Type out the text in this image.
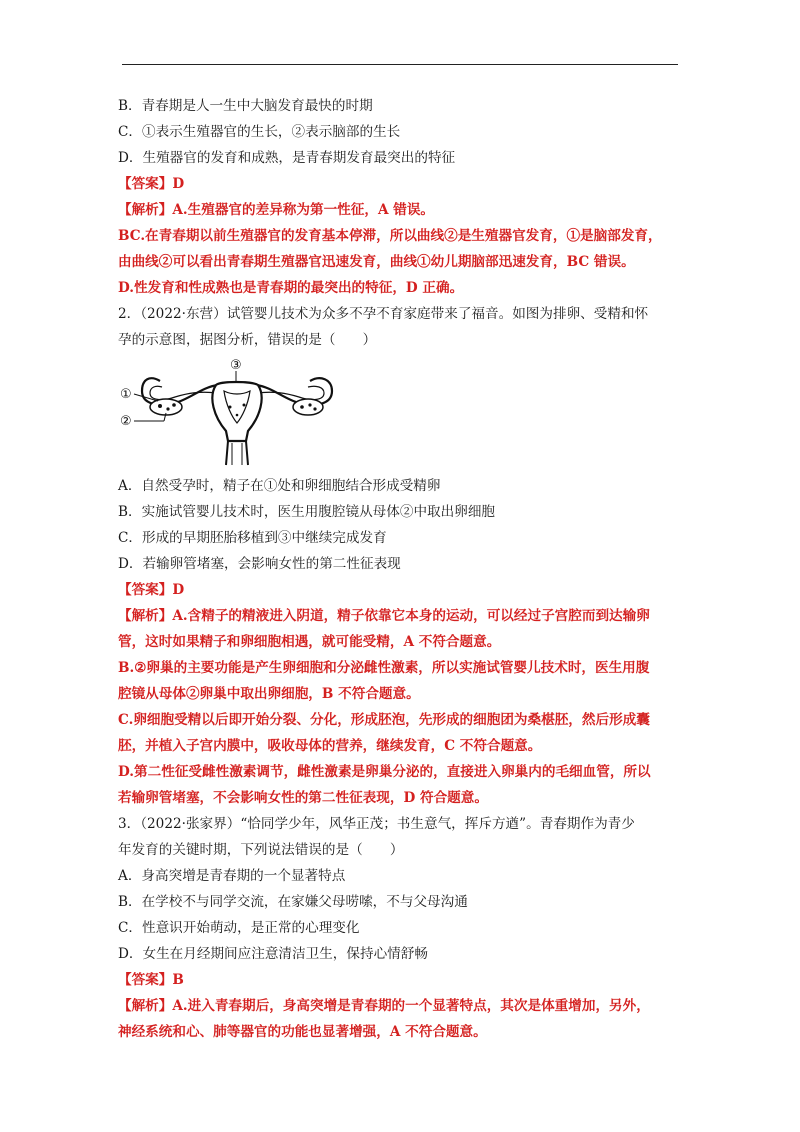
B．青春期是人一生中大脑发育最快的时期
C．①表示生殖器官的生长，②表示脑部的生长
D．生殖器官的发育和成熟，是青春期发育最突出的特征
【答案】D
【解析】A.生殖器官的差异称为第一性征，A 错误。
BC.在青春期以前生殖器官的发育基本停滞，所以曲线②是生殖器官发育，①是脑部发育，
由曲线②可以看出青春期生殖器官迅速发育，曲线①幼儿期脑部迅速发育，BC 错误。
D.性发育和性成熟也是青春期的最突出的特征，D 正确。
2．（2022·东营）试管婴儿技术为众多不孕不育家庭带来了福音。如图为排卵、受精和怀
孕的示意图，据图分析，错误的是（　　）
③
①
②
A．自然受孕时，精子在①处和卵细胞结合形成受精卵
B．实施试管婴儿技术时，医生用腹腔镜从母体②中取出卵细胞
C．形成的早期胚胎移植到③中继续完成发育
D．若输卵管堵塞，会影响女性的第二性征表现
【答案】D
【解析】A.含精子的精液进入阴道，精子依靠它本身的运动，可以经过子宫腔而到达输卵
管，这时如果精子和卵细胞相遇，就可能受精，A 不符合题意。
B.②卵巢的主要功能是产生卵细胞和分泌雌性激素，所以实施试管婴儿技术时，医生用腹
腔镜从母体②卵巢中取出卵细胞，B 不符合题意。
C.卵细胞受精以后即开始分裂、分化，形成胚泡，先形成的细胞团为桑椹胚，然后形成囊
胚，并植入子宫内膜中，吸收母体的营养，继续发育，C 不符合题意。
D.第二性征受雌性激素调节，雌性激素是卵巢分泌的，直接进入卵巢内的毛细血管，所以
若输卵管堵塞，不会影响女性的第二性征表现，D 符合题意。
3．（2022·张家界）“恰同学少年，风华正茂；书生意气，挥斥方遒”。青春期作为青少
年发育的关键时期，下列说法错误的是（　　）
A．身高突增是青春期的一个显著特点
B．在学校不与同学交流，在家嫌父母唠嗦，不与父母沟通
C．性意识开始萌动，是正常的心理变化
D．女生在月经期间应注意清洁卫生，保持心情舒畅
【答案】B
【解析】A.进入青春期后，身高突增是青春期的一个显著特点，其次是体重增加，另外，
神经系统和心、肺等器官的功能也显著增强，A 不符合题意。
